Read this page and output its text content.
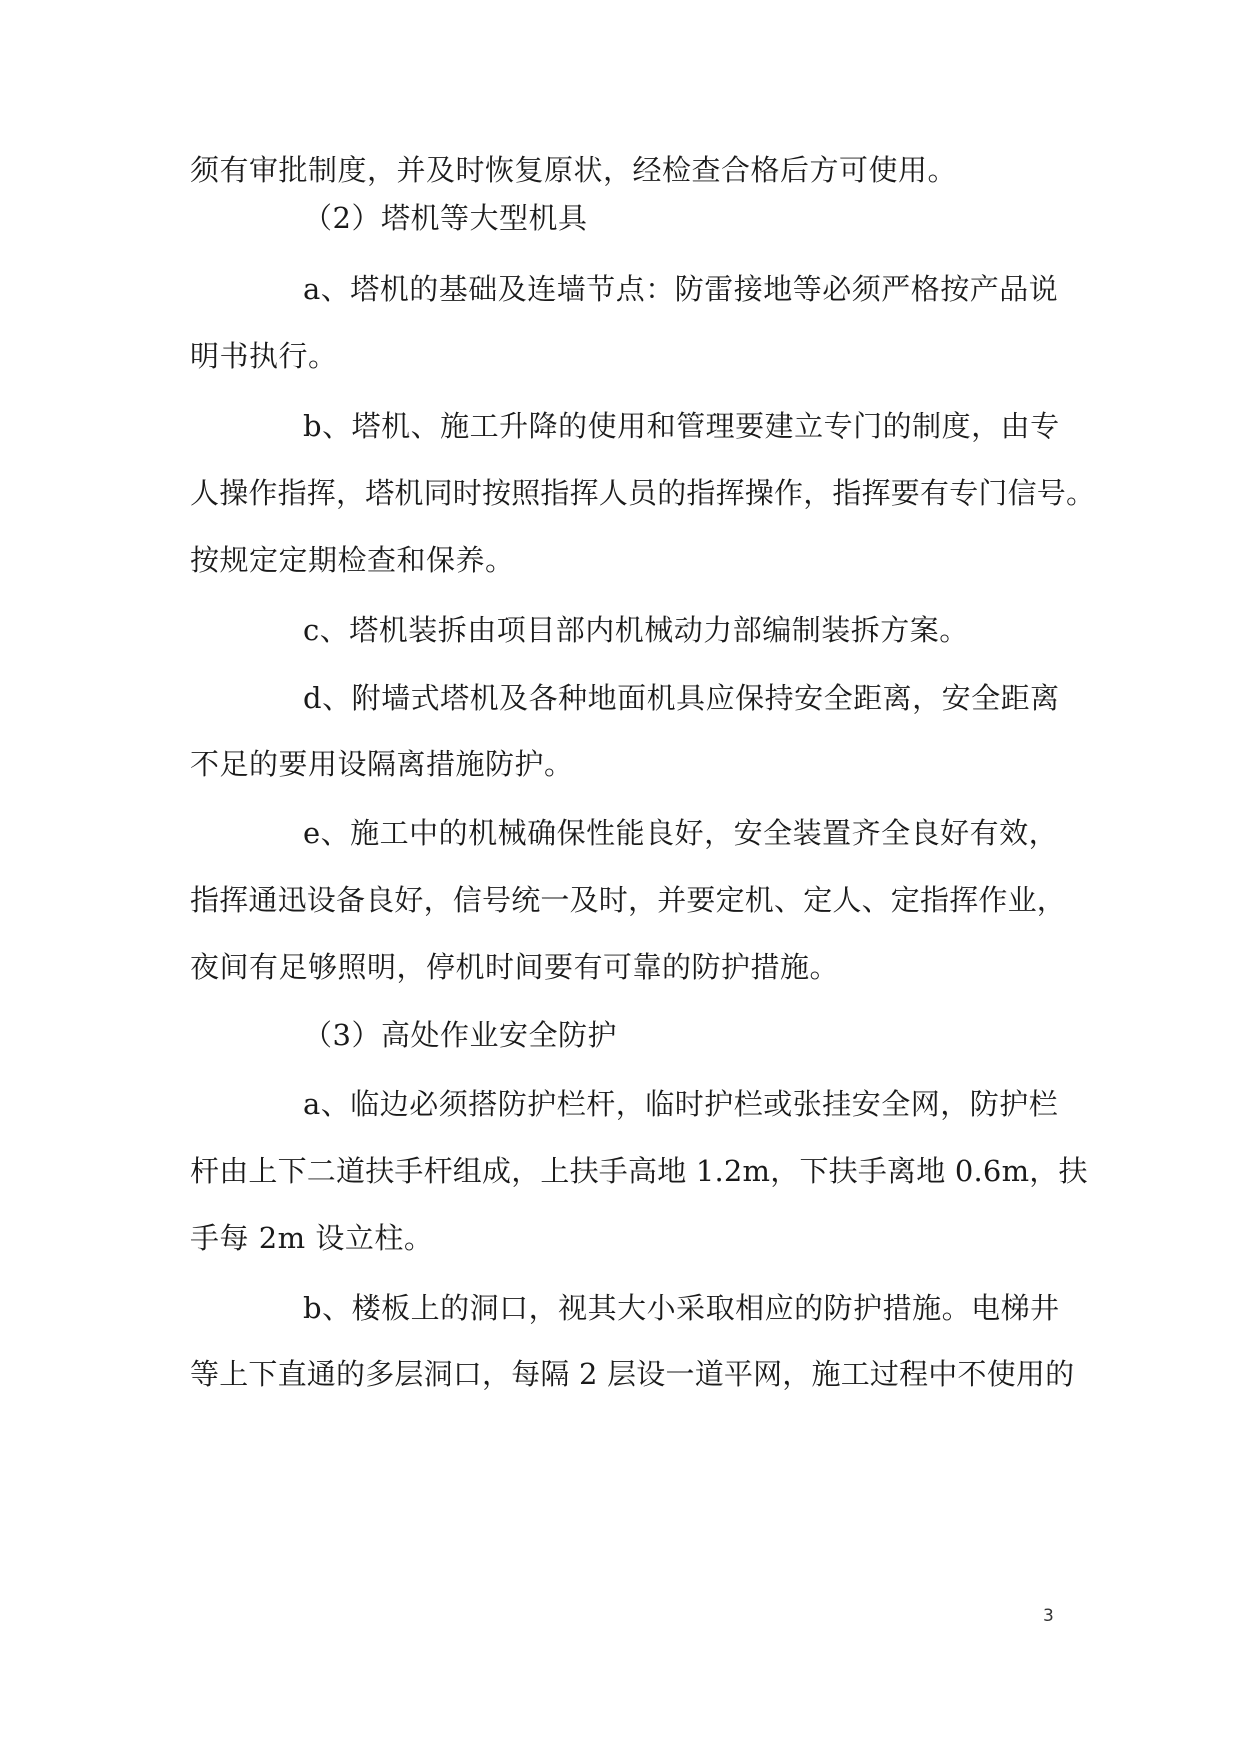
须有审批制度，并及时恢复原状，经检查合格后方可使用。
（2）塔机等大型机具
a、塔机的基础及连墙节点：防雷接地等必须严格按产品说
明书执行。
b、塔机、施工升降的使用和管理要建立专门的制度，由专
人操作指挥，塔机同时按照指挥人员的指挥操作，指挥要有专门信号。
按规定定期检查和保养。
c、塔机装拆由项目部内机械动力部编制装拆方案。
d、附墙式塔机及各种地面机具应保持安全距离，安全距离
不足的要用设隔离措施防护。
e、施工中的机械确保性能良好，安全装置齐全良好有效，
指挥通迅设备良好，信号统一及时，并要定机、定人、定指挥作业，
夜间有足够照明，停机时间要有可靠的防护措施。
（3）高处作业安全防护
a、临边必须搭防护栏杆，临时护栏或张挂安全网，防护栏
杆由上下二道扶手杆组成，上扶手高地 1.2m，下扶手离地 0.6m，扶
手每 2m 设立柱。
b、楼板上的洞口，视其大小采取相应的防护措施。电梯井
等上下直通的多层洞口，每隔 2 层设一道平网，施工过程中不使用的
3
